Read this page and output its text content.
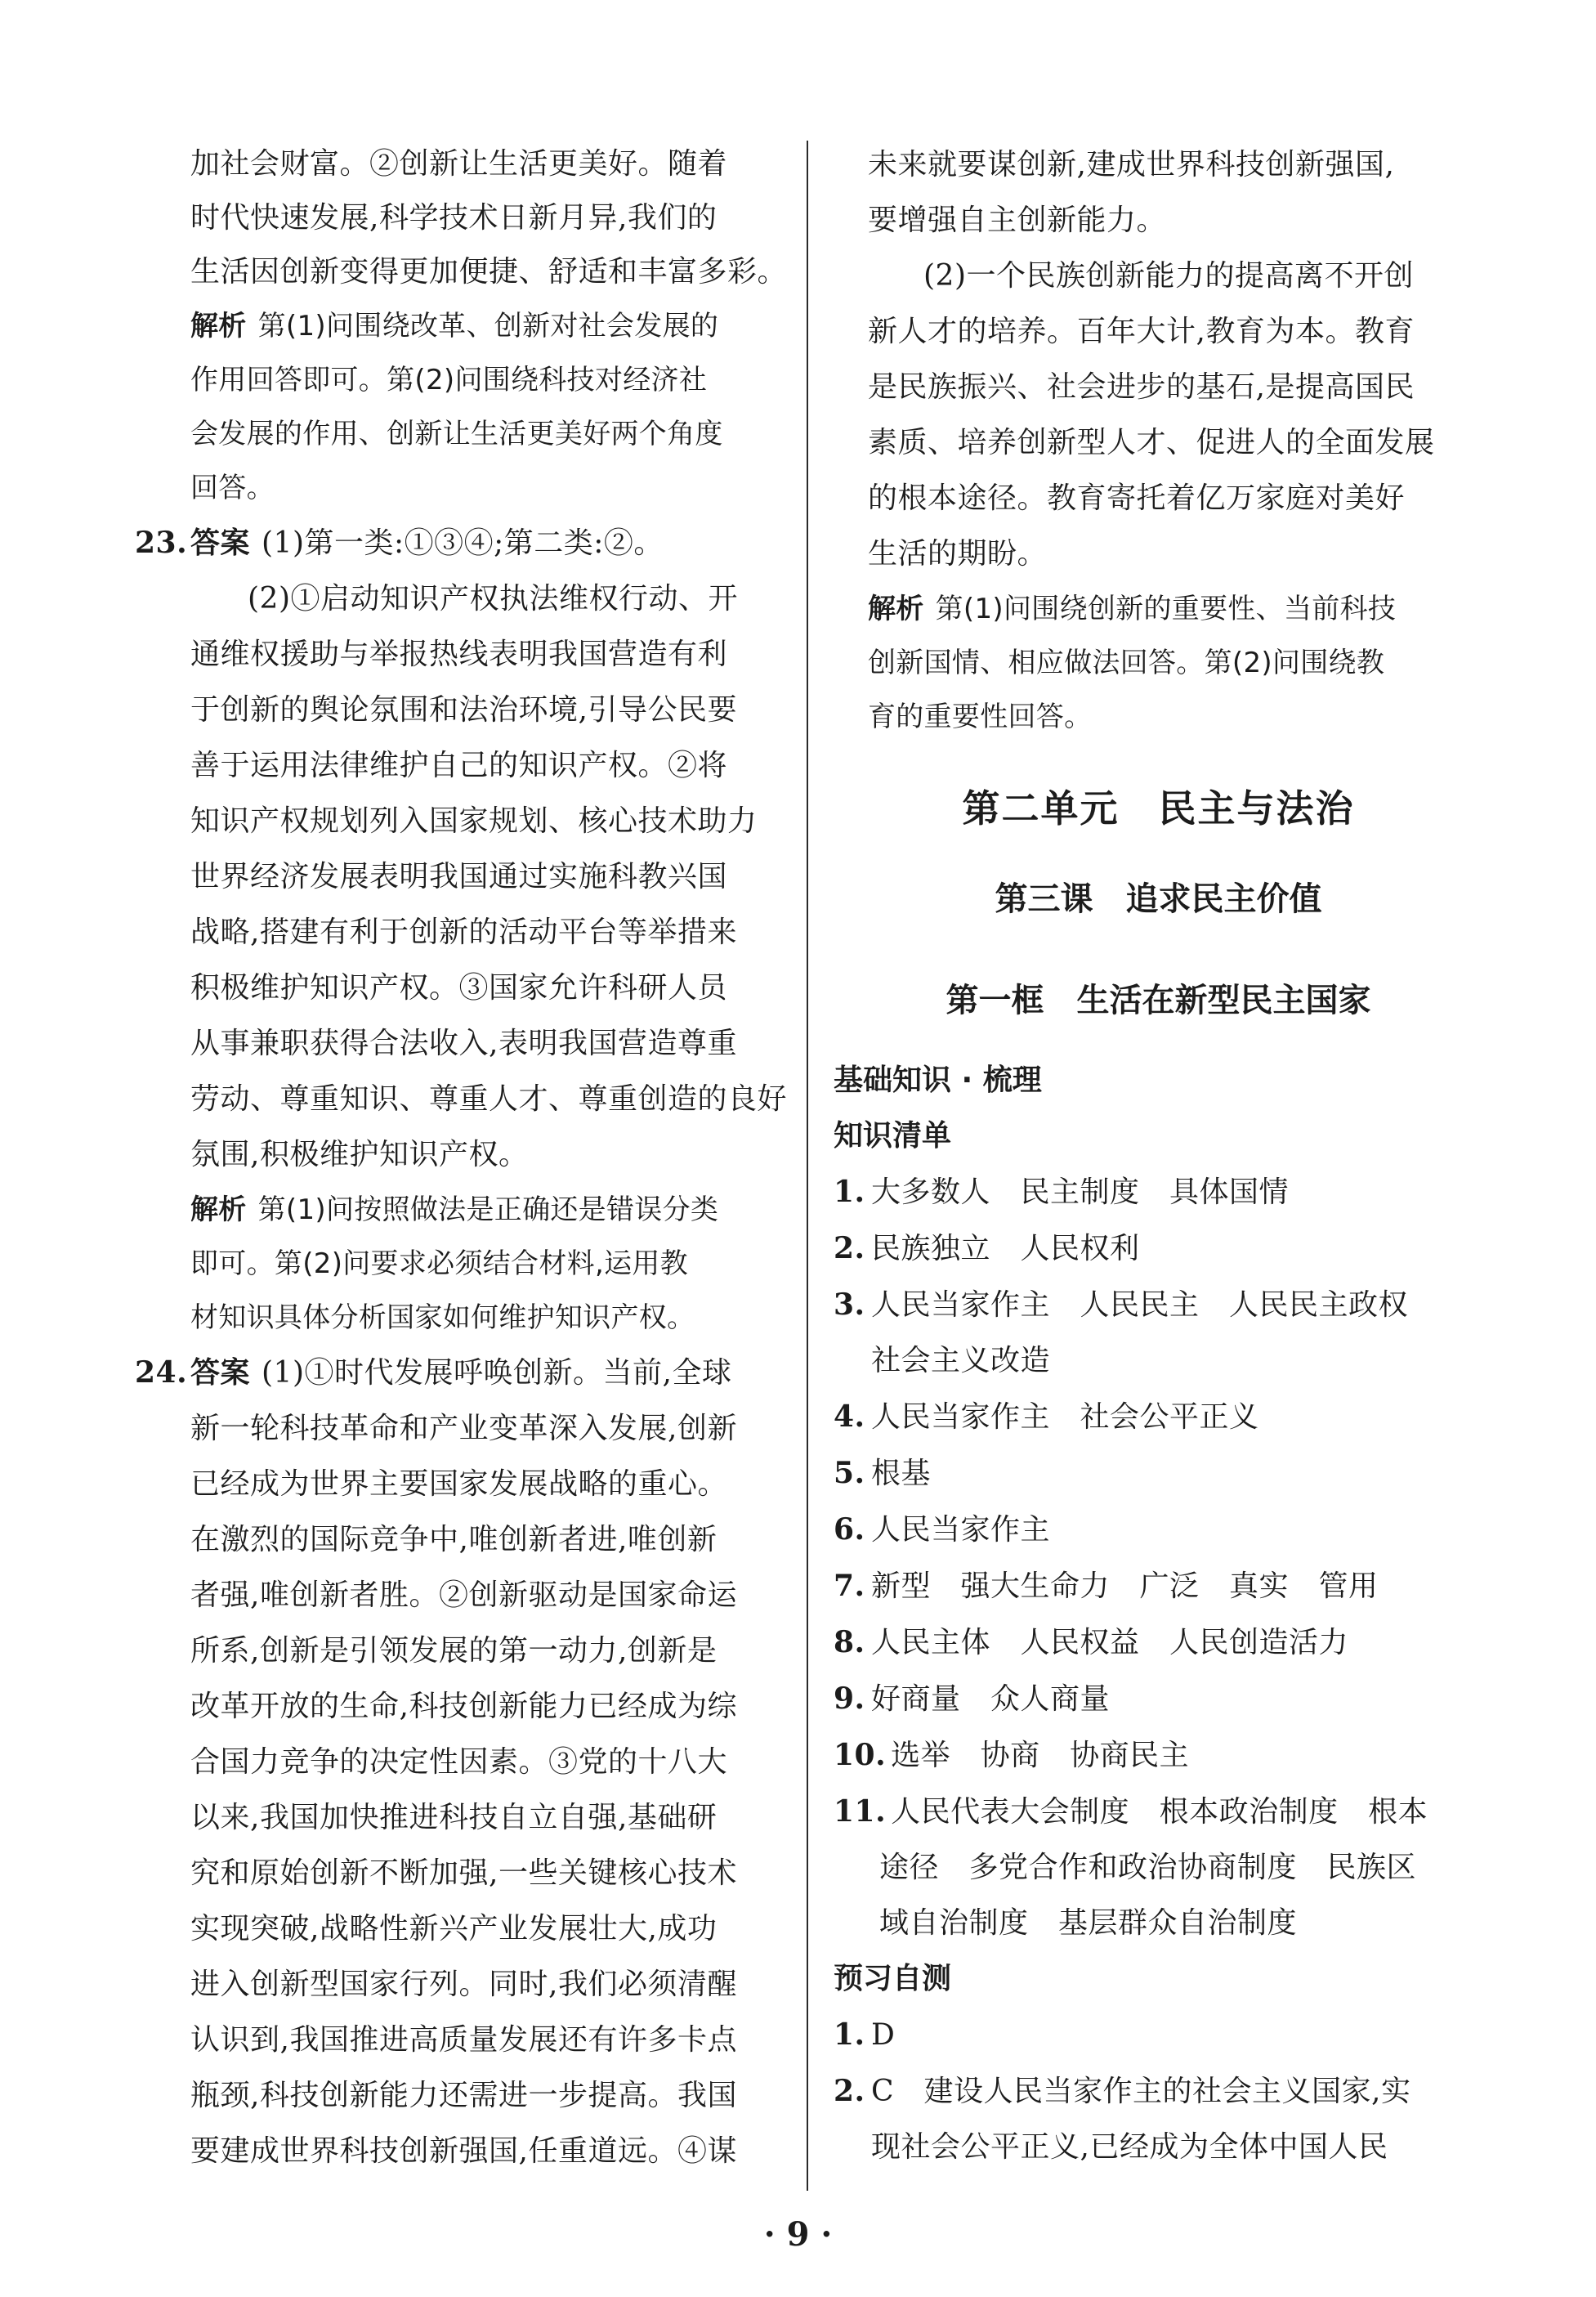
加社会财富。②创新让生活更美好。随着

时代快速发展,科学技术日新月异,我们的

生活因创新变得更加便捷、舒适和丰富多彩。

解析 第(1)问围绕改革、创新对社会发展的

作用回答即可。第(2)问围绕科技对经济社

会发展的作用、创新让生活更美好两个角度

回答。

23. 答案 (1)第一类:①③④;第二类:②。

(2)①启动知识产权执法维权行动、开

通维权援助与举报热线表明我国营造有利

于创新的舆论氛围和法治环境,引导公民要

善于运用法律维护自己的知识产权。②将

知识产权规划列入国家规划、核心技术助力

世界经济发展表明我国通过实施科教兴国

战略,搭建有利于创新的活动平台等举措来

积极维护知识产权。③国家允许科研人员

从事兼职获得合法收入,表明我国营造尊重

劳动、尊重知识、尊重人才、尊重创造的良好

氛围,积极维护知识产权。

解析 第(1)问按照做法是正确还是错误分类

即可。第(2)问要求必须结合材料,运用教

材知识具体分析国家如何维护知识产权。

24. 答案 (1)①时代发展呼唤创新。当前,全球

新一轮科技革命和产业变革深入发展,创新

已经成为世界主要国家发展战略的重心。

在激烈的国际竞争中,唯创新者进,唯创新

者强,唯创新者胜。②创新驱动是国家命运

所系,创新是引领发展的第一动力,创新是

改革开放的生命,科技创新能力已经成为综

合国力竞争的决定性因素。③党的十八大

以来,我国加快推进科技自立自强,基础研

究和原始创新不断加强,一些关键核心技术

实现突破,战略性新兴产业发展壮大,成功

进入创新型国家行列。同时,我们必须清醒

认识到,我国推进高质量发展还有许多卡点

瓶颈,科技创新能力还需进一步提高。我国

要建成世界科技创新强国,任重道远。④谋

未来就要谋创新,建成世界科技创新强国,

要增强自主创新能力。

(2)一个民族创新能力的提高离不开创

新人才的培养。百年大计,教育为本。教育

是民族振兴、社会进步的基石,是提高国民

素质、培养创新型人才、促进人的全面发展

的根本途径。教育寄托着亿万家庭对美好

生活的期盼。

解析 第(1)问围绕创新的重要性、当前科技

创新国情、相应做法回答。第(2)问围绕教

育的重要性回答。

第二单元　民主与法治

第三课　追求民主价值

第一框　生活在新型民主国家

基础知识 · 梳理

知识清单

1. 大多数人　民主制度　具体国情

2. 民族独立　人民权利

3. 人民当家作主　人民民主　人民民主政权

社会主义改造

4. 人民当家作主　社会公平正义

5. 根基

6. 人民当家作主

7. 新型　强大生命力　广泛　真实　管用

8. 人民主体　人民权益　人民创造活力

9. 好商量　众人商量

10. 选举　协商　协商民主

11. 人民代表大会制度　根本政治制度　根本

途径　多党合作和政治协商制度　民族区

域自治制度　基层群众自治制度

预习自测

1. D

2. C　建设人民当家作主的社会主义国家,实

现社会公平正义,已经成为全体中国人民

· 9 ·
